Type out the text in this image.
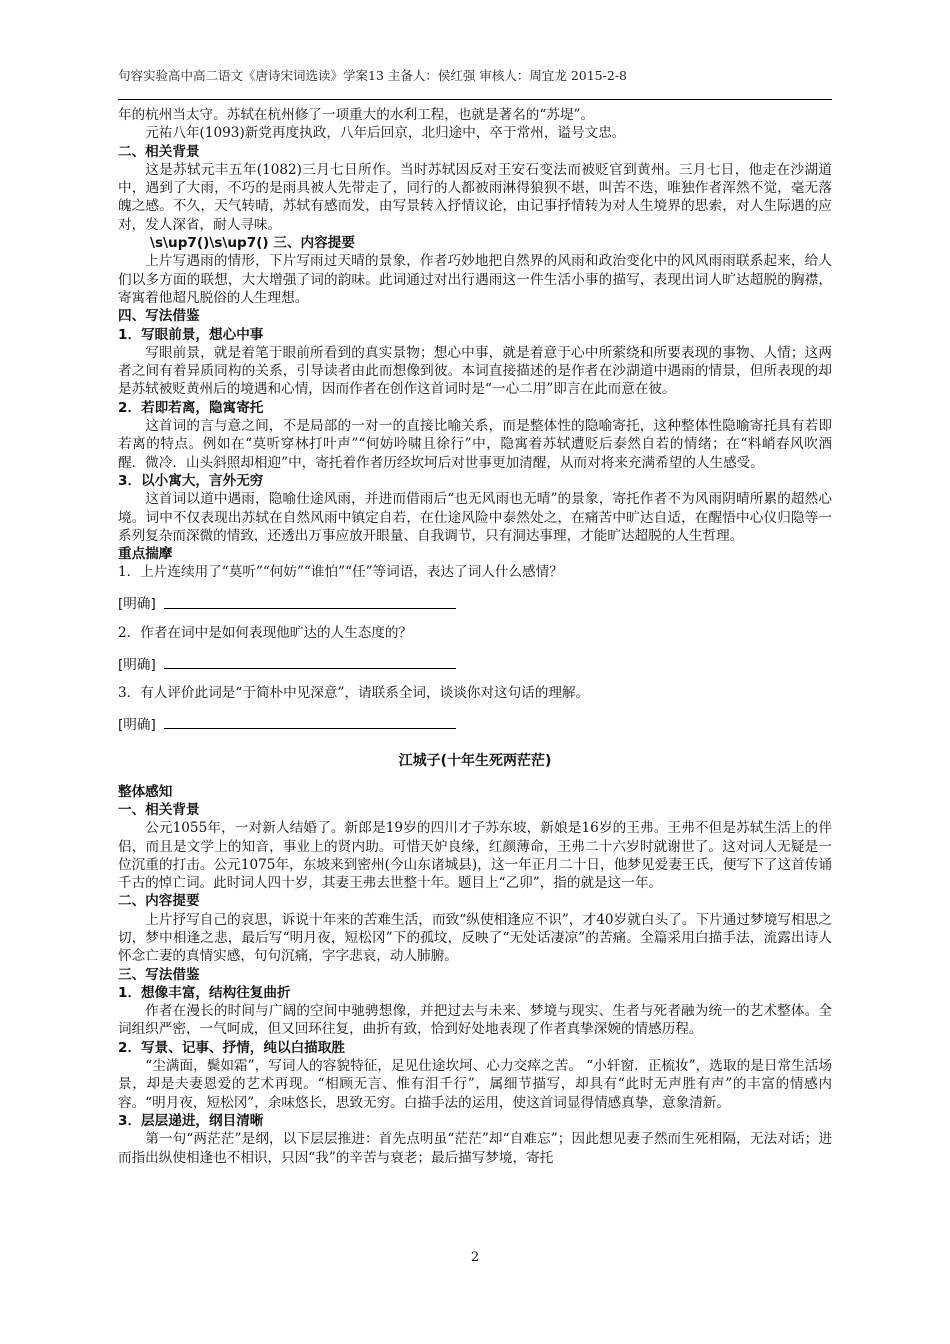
句容实验高中高二语文《唐诗宋词选读》学案13 主备人：侯红强 审核人：周宜龙 2015-2-8

年的杭州当太守。苏轼在杭州修了一项重大的水利工程，也就是著名的“苏堤”。

元祐八年(1093)新党再度执政，八年后回京，北归途中，卒于常州，谥号文忠。

二、相关背景

这是苏轼元丰五年(1082)三月七日所作。当时苏轼因反对王安石变法而被贬官到黄州。三月七日，他走在沙湖道中，遇到了大雨，不巧的是雨具被人先带走了，同行的人都被雨淋得狼狈不堪，叫苦不迭，唯独作者浑然不觉，毫无落魄之感。不久，天气转晴，苏轼有感而发，由写景转入抒情议论，由记事抒情转为对人生境界的思索，对人生际遇的应对，发人深省，耐人寻味。

\s\up7()\s\up7() 三、内容提要

上片写遇雨的情形，下片写雨过天晴的景象，作者巧妙地把自然界的风雨和政治变化中的风风雨雨联系起来，给人们以多方面的联想，大大增强了词的韵味。此词通过对出行遇雨这一件生活小事的描写，表现出词人旷达超脱的胸襟，寄寓着他超凡脱俗的人生理想。

四、写法借鉴

1．写眼前景，想心中事

写眼前景，就是着笔于眼前所看到的真实景物；想心中事，就是着意于心中所萦绕和所要表现的事物、人情；这两者之间有着异质同构的关系，引导读者由此而想像到彼。本词直接描述的是作者在沙湖道中遇雨的情景，但所表现的却是苏轼被贬黄州后的境遇和心情，因而作者在创作这首词时是“一心二用”即言在此而意在彼。

2．若即若离，隐寓寄托

这首词的言与意之间，不是局部的一对一的直接比喻关系，而是整体性的隐喻寄托，这种整体性隐喻寄托具有若即若离的特点。例如在“莫听穿林打叶声”“何妨吟啸且徐行”中，隐寓着苏轼遭贬后泰然自若的情绪；在“料峭春风吹酒醒．微冷．山头斜照却相迎”中，寄托着作者历经坎坷后对世事更加清醒，从而对将来充满希望的人生感受。

3．以小寓大，言外无穷

这首词以道中遇雨，隐喻仕途风雨，并进而借雨后“也无风雨也无晴”的景象，寄托作者不为风雨阴晴所累的超然心境。词中不仅表现出苏轼在自然风雨中镇定自若，在仕途风险中泰然处之，在痛苦中旷达自适，在醒悟中心仪归隐等一系列复杂而深微的情致，还透出万事应放开眼量、自我调节，只有洞达事理，才能旷达超脱的人生哲理。

重点揣摩

1．上片连续用了“莫听”“何妨”“谁怕”“任”等词语，表达了词人什么感情？

[明确]

2．作者在词中是如何表现他旷达的人生态度的？

[明确]

3．有人评价此词是“于简朴中见深意”，请联系全词，谈谈你对这句话的理解。

[明确]
江城子(十年生死两茫茫)

整体感知

一、相关背景

公元1055年，一对新人结婚了。新郎是19岁的四川才子苏东坡，新娘是16岁的王弗。王弗不但是苏轼生活上的伴侣，而且是文学上的知音，事业上的贤内助。可惜天妒良缘，红颜薄命，王弗二十六岁时就谢世了。这对词人无疑是一位沉重的打击。公元1075年，东坡来到密州(今山东诸城县)，这一年正月二十日，他梦见爱妻王氏，便写下了这首传诵千古的悼亡词。此时词人四十岁，其妻王弗去世整十年。题目上“乙卯”，指的就是这一年。

二、内容提要

上片抒写自己的哀思，诉说十年来的苦难生活，而致“纵使相逢应不识”，才40岁就白头了。下片通过梦境写相思之切，梦中相逢之悲，最后写“明月夜，短松冈”下的孤坟，反映了“无处话凄凉”的苦痛。全篇采用白描手法，流露出诗人怀念亡妻的真情实感，句句沉痛，字字悲哀，动人肺腑。

三、写法借鉴

1．想像丰富，结构往复曲折

作者在漫长的时间与广阔的空间中驰骋想像，并把过去与未来、梦境与现实、生者与死者融为统一的艺术整体。全词组织严密，一气呵成，但又回环往复，曲折有致，恰到好处地表现了作者真挚深婉的情感历程。

2．写景、记事、抒情，纯以白描取胜

“尘满面，鬓如霜”，写词人的容貌特征，足见仕途坎坷、心力交瘁之苦。 “小轩窗．正梳妆”，选取的是日常生活场景，却是夫妻恩爱的艺术再现。“相顾无言、惟有泪千行”，属细节描写，却具有“此时无声胜有声”的丰富的情感内容。“明月夜，短松冈”，余味悠长，思致无穷。白描手法的运用，使这首词显得情感真挚，意象清新。

3．层层递进，纲目清晰

第一句“两茫茫”是纲，以下层层推进：首先点明虽“茫茫”却“自难忘”；因此想见妻子然而生死相隔，无法对话；进而指出纵使相逢也不相识，只因“我”的辛苦与衰老；最后描写梦境，寄托

2
